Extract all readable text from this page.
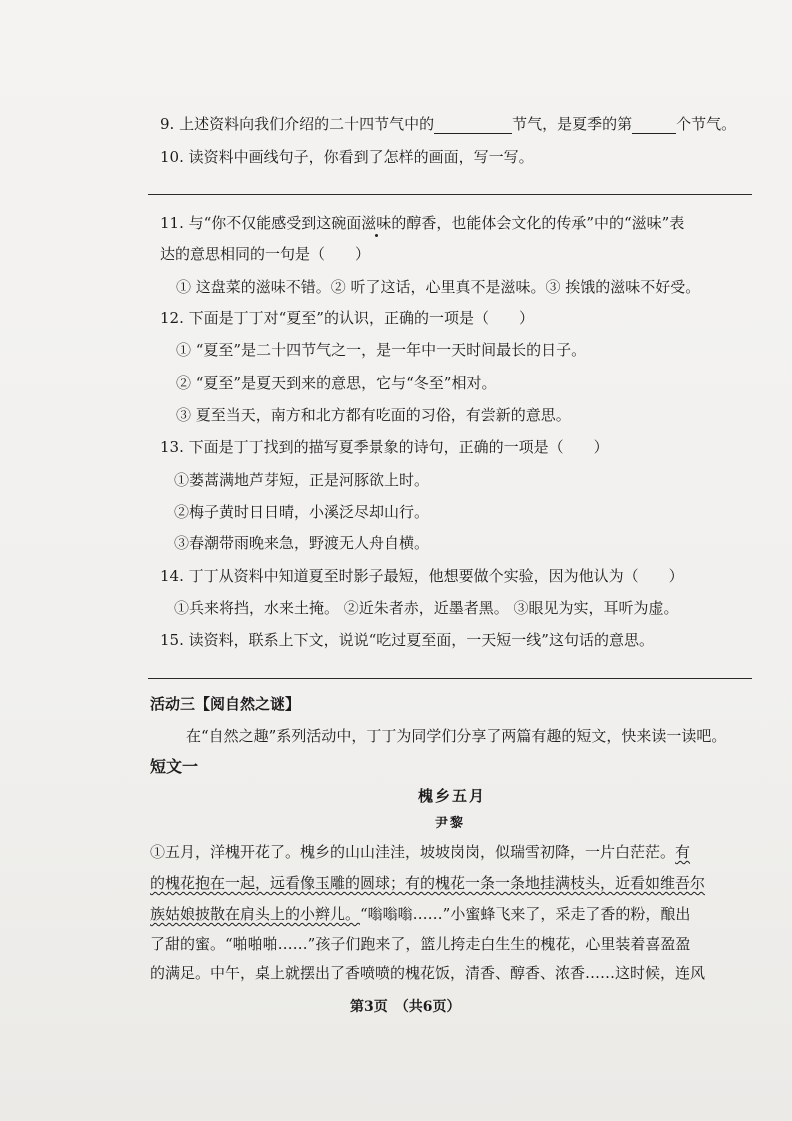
9. 上述资料向我们介绍的二十四节气中的	节气，是夏季的第	个节气。
10. 读资料中画线句子，你看到了怎样的画面，写一写。
11. 与“你不仅能感受到这碗面滋味的醇香，也能体会文化的传承”中的“滋味”表
达的意思相同的一句是（　　）
① 这盘菜的滋味不错。② 听了这话，心里真不是滋味。③ 挨饿的滋味不好受。
12. 下面是丁丁对“夏至”的认识，正确的一项是（　　）
① “夏至”是二十四节气之一，是一年中一天时间最长的日子。
② “夏至”是夏天到来的意思，它与“冬至”相对。
③ 夏至当天，南方和北方都有吃面的习俗，有尝新的意思。
13. 下面是丁丁找到的描写夏季景象的诗句，正确的一项是（　　）
①蒌蒿满地芦芽短，正是河豚欲上时。
②梅子黄时日日晴，小溪泛尽却山行。
③春潮带雨晚来急，野渡无人舟自横。
14. 丁丁从资料中知道夏至时影子最短，他想要做个实验，因为他认为（　　）
①兵来将挡，水来土掩。 ②近朱者赤，近墨者黑。 ③眼见为实，耳听为虚。
15. 读资料，联系上下文，说说“吃过夏至面，一天短一线”这句话的意思。
活动三【阅自然之谜】
在“自然之趣”系列活动中，丁丁为同学们分享了两篇有趣的短文，快来读一读吧。
短文一
槐乡五月
尹黎
①五月，洋槐开花了。槐乡的山山洼洼，坡坡岗岗，似瑞雪初降，一片白茫茫。有
的槐花抱在一起，远看像玉雕的圆球；有的槐花一条一条地挂满枝头，近看如维吾尔
族姑娘披散在肩头上的小辫儿。“嗡嗡嗡……”小蜜蜂飞来了，采走了香的粉，酿出
了甜的蜜。“啪啪啪……”孩子们跑来了，篮儿挎走白生生的槐花，心里装着喜盈盈
的满足。中午，桌上就摆出了香喷喷的槐花饭，清香、醇香、浓香……这时候，连风
第3页　（共6页）
